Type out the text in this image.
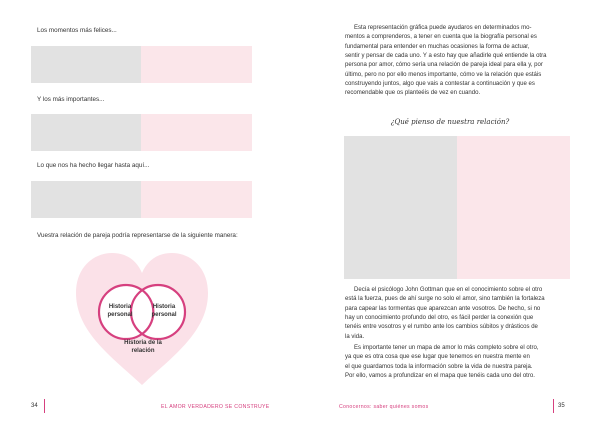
Los momentos más felices...
Y los más importantes...
Lo que nos ha hecho llegar hasta aquí...
Vuestra relación de pareja podría representarse de la siguiente manera:
Historia personal
Historia personal
Historia de la relación
34	EL AMOR VERDADERO SE CONSTRUYE
Esta representación gráfica puede ayudaros en determinados mo-
mentos a comprenderos, a tener en cuenta que la biografía personal es
fundamental para entender en muchas ocasiones la forma de actuar,
sentir y pensar de cada uno. Y a esto hay que añadirle qué entiende la otra
persona por amor, cómo sería una relación de pareja ideal para ella y, por
último, pero no por ello menos importante, cómo ve la relación que estáis
construyendo juntos, algo que vais a contestar a continuación y que es
recomendable que os planteéis de vez en cuando.
¿Qué pienso de nuestra relación?
Decía el psicólogo John Gottman que en el conocimiento sobre el otro
está la fuerza, pues de ahí surge no solo el amor, sino también la fortaleza
para capear las tormentas que aparezcan ante vosotros. De hecho, si no
hay un conocimiento profundo del otro, es fácil perder la conexión que
tenéis entre vosotros y el rumbo ante los cambios súbitos y drásticos de
la vida.
Es importante tener un mapa de amor lo más completo sobre el otro,
ya que es otra cosa que ese lugar que tenemos en nuestra mente en
el que guardamos toda la información sobre la vida de nuestra pareja.
Por ello, vamos a profundizar en el mapa que tenéis cada uno del otro.
Conocernos: saber quiénes somos	35
